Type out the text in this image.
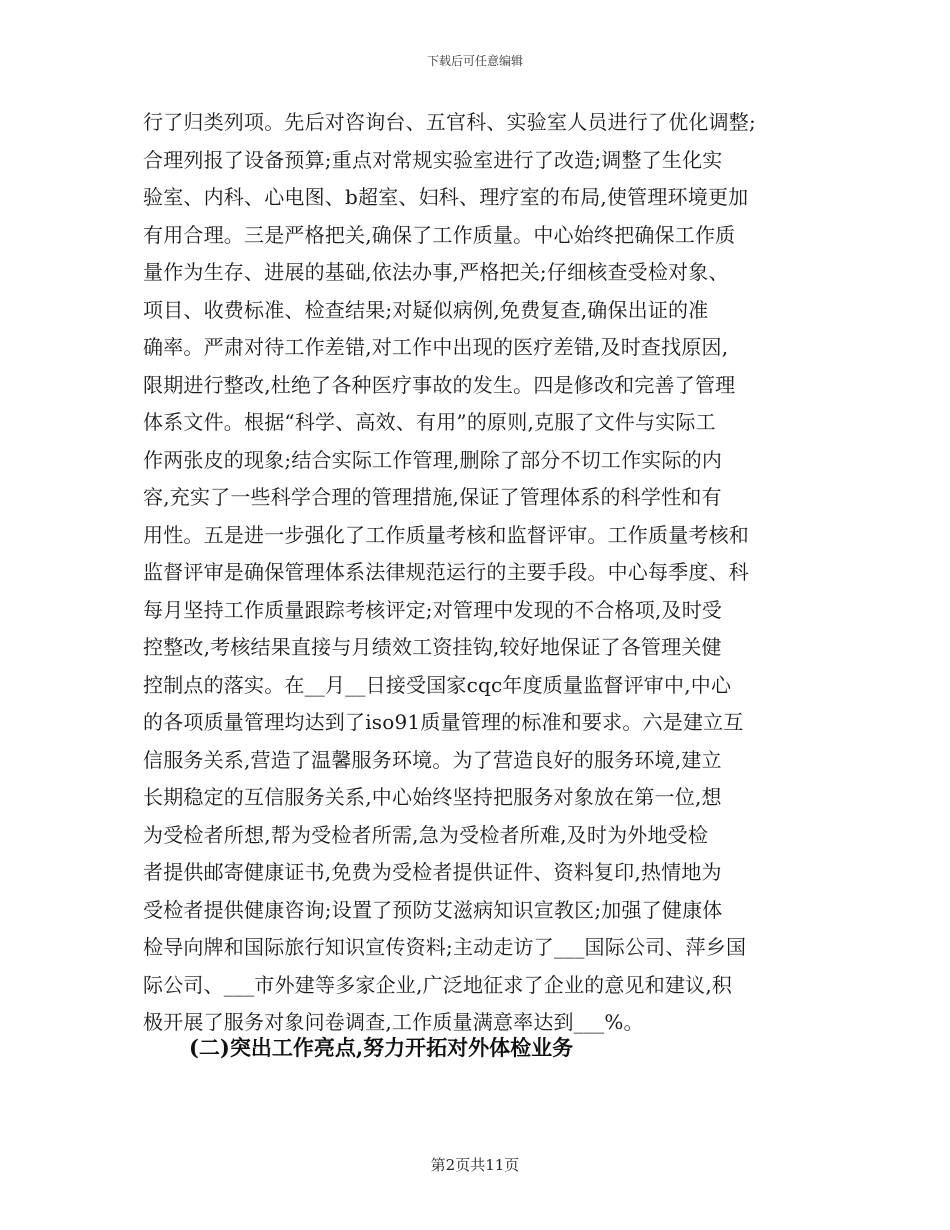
下载后可任意编辑
行了归类列项。先后对咨询台、五官科、实验室人员进行了优化调整;
合理列报了设备预算;重点对常规实验室进行了改造;调整了生化实
验室、内科、心电图、b超室、妇科、理疗室的布局,使管理环境更加
有用合理。三是严格把关,确保了工作质量。中心始终把确保工作质
量作为生存、进展的基础,依法办事,严格把关;仔细核查受检对象、
项目、收费标准、检查结果;对疑似病例,免费复查,确保出证的准
确率。严肃对待工作差错,对工作中出现的医疗差错,及时查找原因,
限期进行整改,杜绝了各种医疗事故的发生。四是修改和完善了管理
体系文件。根据“科学、高效、有用”的原则,克服了文件与实际工
作两张皮的现象;结合实际工作管理,删除了部分不切工作实际的内
容,充实了一些科学合理的管理措施,保证了管理体系的科学性和有
用性。五是进一步强化了工作质量考核和监督评审。工作质量考核和
监督评审是确保管理体系法律规范运行的主要手段。中心每季度、科
每月坚持工作质量跟踪考核评定;对管理中发现的不合格项,及时受
控整改,考核结果直接与月绩效工资挂钩,较好地保证了各管理关健
控制点的落实。在__月__日接受国家cqc年度质量监督评审中,中心
的各项质量管理均达到了iso91质量管理的标准和要求。六是建立互
信服务关系,营造了温馨服务环境。为了营造良好的服务环境,建立
长期稳定的互信服务关系,中心始终坚持把服务对象放在第一位,想
为受检者所想,帮为受检者所需,急为受检者所难,及时为外地受检
者提供邮寄健康证书,免费为受检者提供证件、资料复印,热情地为
受检者提供健康咨询;设置了预防艾滋病知识宣教区;加强了健康体
检导向牌和国际旅行知识宣传资料;主动走访了___国际公司、萍乡国
际公司、___市外建等多家企业,广泛地征求了企业的意见和建议,积
极开展了服务对象问卷调查,工作质量满意率达到___%。
(二)突出工作亮点,努力开拓对外体检业务
第2页共11页
